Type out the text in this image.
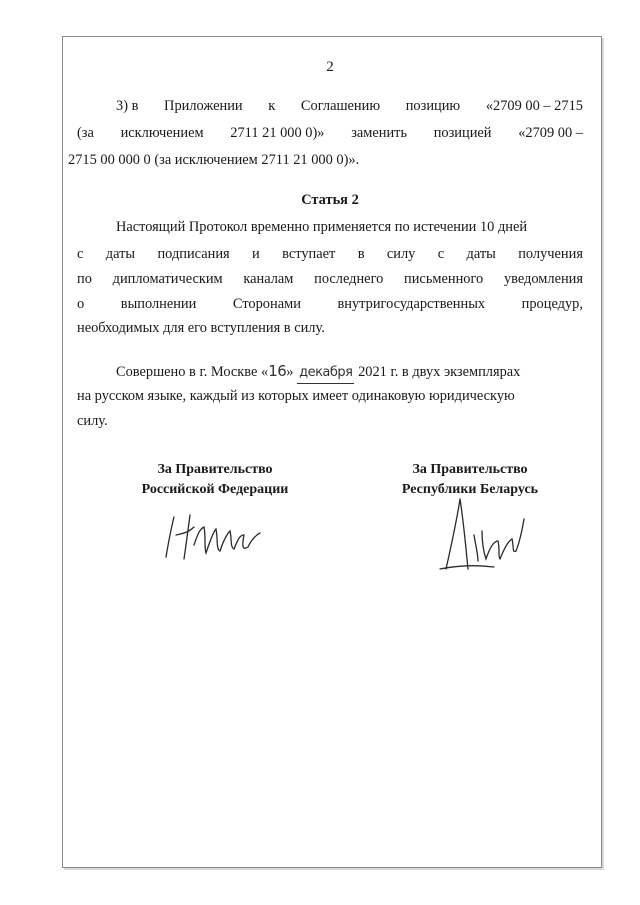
2
3) в Приложении к Соглашению позицию «2709 00 – 2715
(за исключением 2711 21 000 0)» заменить позицией «2709 00 –
2715 00 000 0 (за исключением 2711 21 000 0)».
Статья 2
Настоящий Протокол временно применяется по истечении 10 дней
с даты подписания и вступает в силу с даты получения
по дипломатическим каналам последнего письменного уведомления
о	выполнении	Сторонами	внутригосударственных	процедур,
необходимых для его вступления в силу.
Совершено в г. Москве «16» декабря 2021 г. в двух экземплярах
на русском языке, каждый из которых имеет одинаковую юридическую
силу.
За Правительство
Российской Федерации
За Правительство
Республики Беларусь
